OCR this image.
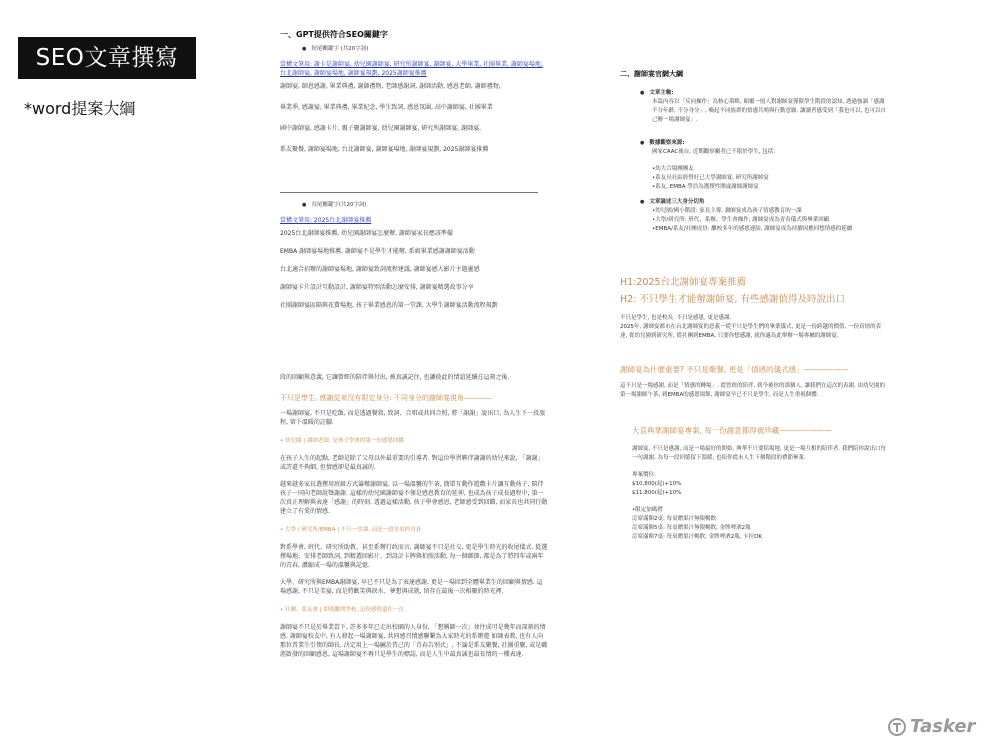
SEO文章撰寫
*word提案大綱
一、GPT提供符合SEO關鍵字
● 短尾關鍵字 (共20字詞)
當構文筆用: 謝卡是謝師宴, 幼兒園謝師宴, 研究所謝師宴, 謝師宴, 大學畢業, 社團畢業, 謝師宴場地, 台北謝師宴, 謝師宴場地, 謝師宴規劃, 2025謝師宴推薦
謝師宴, 師恩感謝, 畢業典禮, 謝師禮物, 老師感謝詞, 謝師活動, 感恩老師, 謝師禮物,
畢業季, 感謝宴, 畢業典禮, 畢業紀念, 學生致詞, 感恩氛圍, 高中謝師宴, 社團畢業
國中謝師宴, 感謝卡片, 親子聚謝師宴, 幼兒園謝師宴, 研究所謝師宴, 謝師宴,
系友聚餐, 謝師宴場地, 台北謝師宴, 謝師宴場地, 謝師宴規劃, 2025謝師宴推薦
● 長尾關鍵字(共20字詞)
當構文筆用: 2025台北謝師宴推薦
2025台北謝師宴推薦, 幼兒園謝師宴怎麼辦, 謝師宴家長應該準備
EMBA 謝師宴場地推薦, 謝師宴不是學生才能辦, 系級畢業感謝謝師宴活動
台北適合招辦的謝師宴場地, 謝師宴致詞流程建議, 謝師宴感人影片主題靈感
謝師宴卡片設計互動設計, 謝師宴特別活動怎麼安排, 謝師宴精選故事分享
社團謝師宴區隔與花費場地, 孩子畢業感恩的第一堂課, 大學生謝師宴活動流程規劃
段的回顧與意義, 它讓曾經的陪伴與付出, 被真誠記住, 也讓彼此的情誼延續在這刻之後.
不只是學生, 感謝從來沒有限定身分: 不同身分的謝師宴視角————
一場謝師宴, 不只是吃飯, 而是透過餐敘, 致詞、合唱或共同合照, 將「謝謝」說出口, 為人生下一段旅程, 留下溫暖的註腳.
• 幼兒園 | 謝師老師, 是孩子學會的第一份感恩回饋
在孩子人生的起點, 老師是除了父母以外最重要的引導者. 對這位學習夥伴謝謝的幼兒來說, 「謝謝」或許還不夠細, 但情感卻是最真誠的.
越來越多家長選擇用班級方式籌辦謝師宴, 以一場溫馨的午茶, 簡單互動作遊戲卡片讓互動孩子, 陪伴孩子一同向老師說聲謝謝. 這樣的幼兒園謝師宴不僅是感恩教育的延伸, 也成為孩子成長過程中, 第一次真正理解與表達「感謝」的時刻. 透過這樣活動, 孩子學會感恩, 老師感受到回饋, 而家長也共同行動建立了有愛的情感.
• 大學 / 研究所/EMBA | 不只一堂課, 而是一段並肩的青春
對系學會, 班代、研究所助教、甚至系辦行政而言, 謝師宴不只是社交, 更是學生時光的收尾儀式. 從選擇場地、安排老師致詞, 到精選回影片、到設計卡牌與拍照活動, 每一個細節, 都是為了將四年或兩年的青春, 濃縮成一場的溫馨與記憶.
大學、研究所與EMBA謝師宴, 早已不只是為了表達感謝, 更是一場回到全體畢業生的回顧與情感. 這場感謝, 不只是美宴, 而是將歡笑與淚水、夢想與成就, 留存在最後一次相聚的時光裡.
• 社團、系友會 | 即使離開學校, 這份感情還在一次
謝師宴不只是於畢業當下, 許多多年已走出校園的人身份, 「想稱師一次」並往成可是幾年而深刻的情感. 謝師宴校友中, 有人發起一場謝師宴, 共同感召情感聯繫為大家時光的系辦遊 如師表教, 也有人向那位昔業生引領的師長, 決定用上一場屬於昔己的「青春告別式」, 不論是系友聚餐, 社團重聚, 或是職涯啟發的回顧感恩, 這場謝師宴不再只是學生的標誌, 而是人生中最真誠也最長情的一種表達.
二、謝師宴官網大綱
● 文章主軸:
本篇內容以「反向操作」為核心策略, 顛覆一般人對謝師宴僅限學生階段的認知, 透過強調「感謝不分年齡, 不分身分」, 喚起不同族群的情感共鳴與行動意願. 讓讀者感受到「我也可以, 也可以自己辦一場謝師宴」.
● 數據觀察來源:
國家CAAC後台, 近期觀察關者已不限於學生, 包括:
•幼大合場團團友
•系友長社區經營好已大學謝師宴, 研究所謝師宴
•系友, EMBA 學員為選擇性開或謝師謝師宴
● 文章論述三大身分切角
•幼兒園/國小階段: 家長主導, 謝師宴成為孩子情感教育的一課
•大學/研究所: 班代、系辦、學生會操作, 謝師宴成為青春儀式與畢業回顧
•EMBA/系友/社團成員: 離校多年的感恩連結, 謝師宴成為持續因應回想情感的延續
H1:2025台北謝師宴專案推薦
H2: 不只學生才能辦謝師宴, 有些感謝值得及時說出口
不只是學生, 也是校長. 不只是感恩, 更是感謝.
2025年, 謝師宴都市在台北謝師宴的意義一從不只是學生們的畢業儀式, 更是一份跨越的價值, 一份真情的表達, 從幼兒園到研究所, 從社團到EMBA, 只要你想感謝, 就你適為此舉辦一場專屬的謝師宴.
謝師宴為什麼重要? 不只是聚餐, 更是「情感的儀式感」——————
這不只是一場感謝, 而是「情感的轉場」. 從曾經的陪伴, 到今後你的那個人, 讓我們在這次的表謝, 由幼兒園的第一場謝師午茶, 到EMBA的感恩場館, 謝師宴早已不只是學生, 而是人生重視個體.
大直典華謝師宴專案, 每一份謝意都得被珍藏———————
謝師宴, 不只是感謝, 而是一場最好的開始, 典華不只要陪場地, 更是一場互相的陪伴者. 我們陪你說出口每一句謝謝, 為每一段回憶留下溫暖, 也陪你從未人生下個階段的禮節畢業.
專案價位:
$10,800(起)+10%
$11,800(起)+10%
•限定加碼禮
訂席滿額2桌: 每桌贈果汁無限暢飲
訂席滿額5桌: 每桌贈果汁無限暢飲, 金牌啤酒2瓶
訂席滿額7桌: 每桌贈果汁暢飲, 金牌啤酒2瓶, 卡拉OK
Tasker
